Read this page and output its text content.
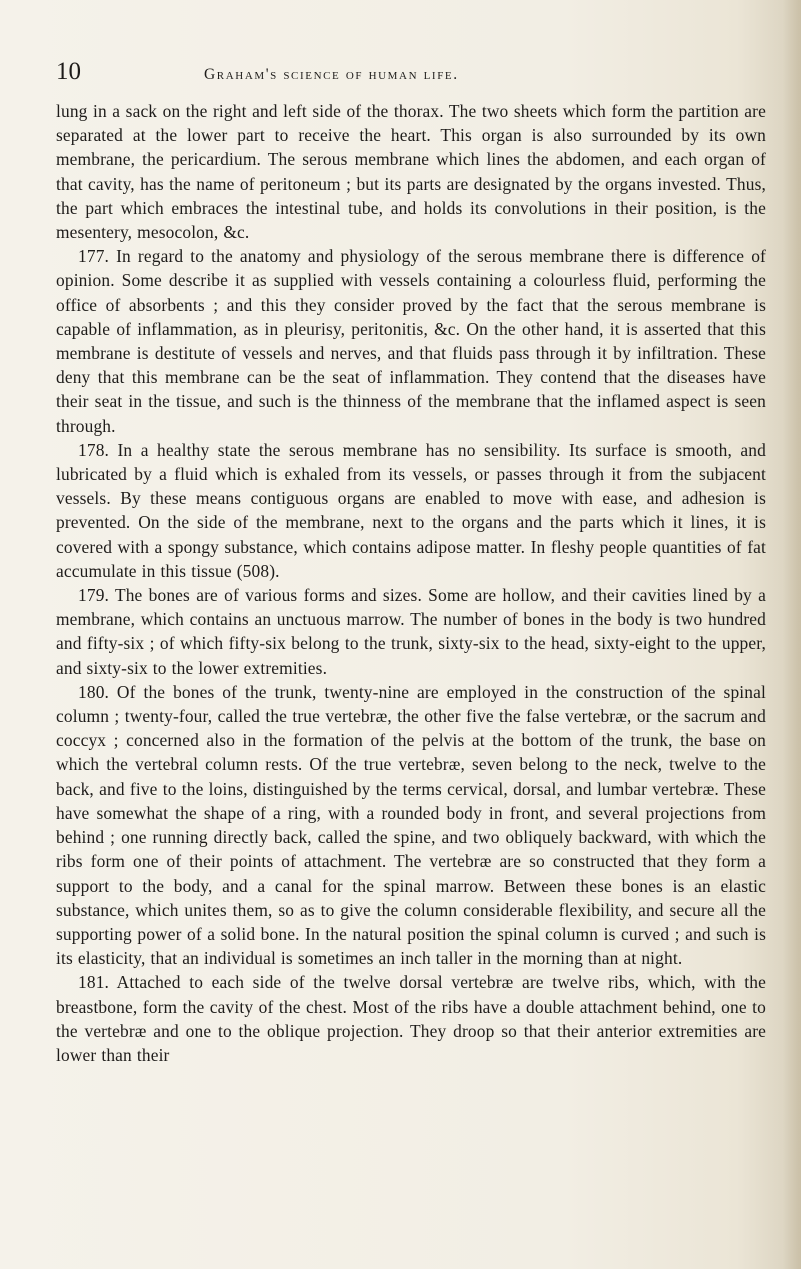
10	Graham's science of human life.

lung in a sack on the right and left side of the thorax. The two sheets which form the partition are separated at the lower part to receive the heart. This organ is also surrounded by its own membrane, the pericardium. The serous membrane which lines the abdomen, and each organ of that cavity, has the name of peritoneum ; but its parts are designated by the organs invested. Thus, the part which embraces the intestinal tube, and holds its convolutions in their position, is the mesentery, mesocolon, &c.

177. In regard to the anatomy and physiology of the serous membrane there is difference of opinion. Some describe it as supplied with vessels containing a colourless fluid, performing the office of absorbents ; and this they consider proved by the fact that the serous membrane is capable of inflammation, as in pleurisy, peritonitis, &c. On the other hand, it is asserted that this membrane is destitute of vessels and nerves, and that fluids pass through it by infiltration. These deny that this membrane can be the seat of inflammation. They contend that the diseases have their seat in the tissue, and such is the thinness of the membrane that the inflamed aspect is seen through.

178. In a healthy state the serous membrane has no sensibility. Its surface is smooth, and lubricated by a fluid which is exhaled from its vessels, or passes through it from the subjacent vessels. By these means contiguous organs are enabled to move with ease, and adhesion is prevented. On the side of the membrane, next to the organs and the parts which it lines, it is covered with a spongy substance, which contains adipose matter. In fleshy people quantities of fat accumulate in this tissue (508).

179. The bones are of various forms and sizes. Some are hollow, and their cavities lined by a membrane, which contains an unctuous marrow. The number of bones in the body is two hundred and fifty-six ; of which fifty-six belong to the trunk, sixty-six to the head, sixty-eight to the upper, and sixty-six to the lower extremities.

180. Of the bones of the trunk, twenty-nine are employed in the construction of the spinal column ; twenty-four, called the true vertebræ, the other five the false vertebræ, or the sacrum and coccyx ; concerned also in the formation of the pelvis at the bottom of the trunk, the base on which the vertebral column rests. Of the true vertebræ, seven belong to the neck, twelve to the back, and five to the loins, distinguished by the terms cervical, dorsal, and lumbar vertebræ. These have somewhat the shape of a ring, with a rounded body in front, and several projections from behind ; one running directly back, called the spine, and two obliquely backward, with which the ribs form one of their points of attachment. The vertebræ are so constructed that they form a support to the body, and a canal for the spinal marrow. Between these bones is an elastic substance, which unites them, so as to give the column considerable flexibility, and secure all the supporting power of a solid bone. In the natural position the spinal column is curved ; and such is its elasticity, that an individual is sometimes an inch taller in the morning than at night.

181. Attached to each side of the twelve dorsal vertebræ are twelve ribs, which, with the breastbone, form the cavity of the chest. Most of the ribs have a double attachment behind, one to the vertebræ and one to the oblique projection. They droop so that their anterior extremities are lower than their
